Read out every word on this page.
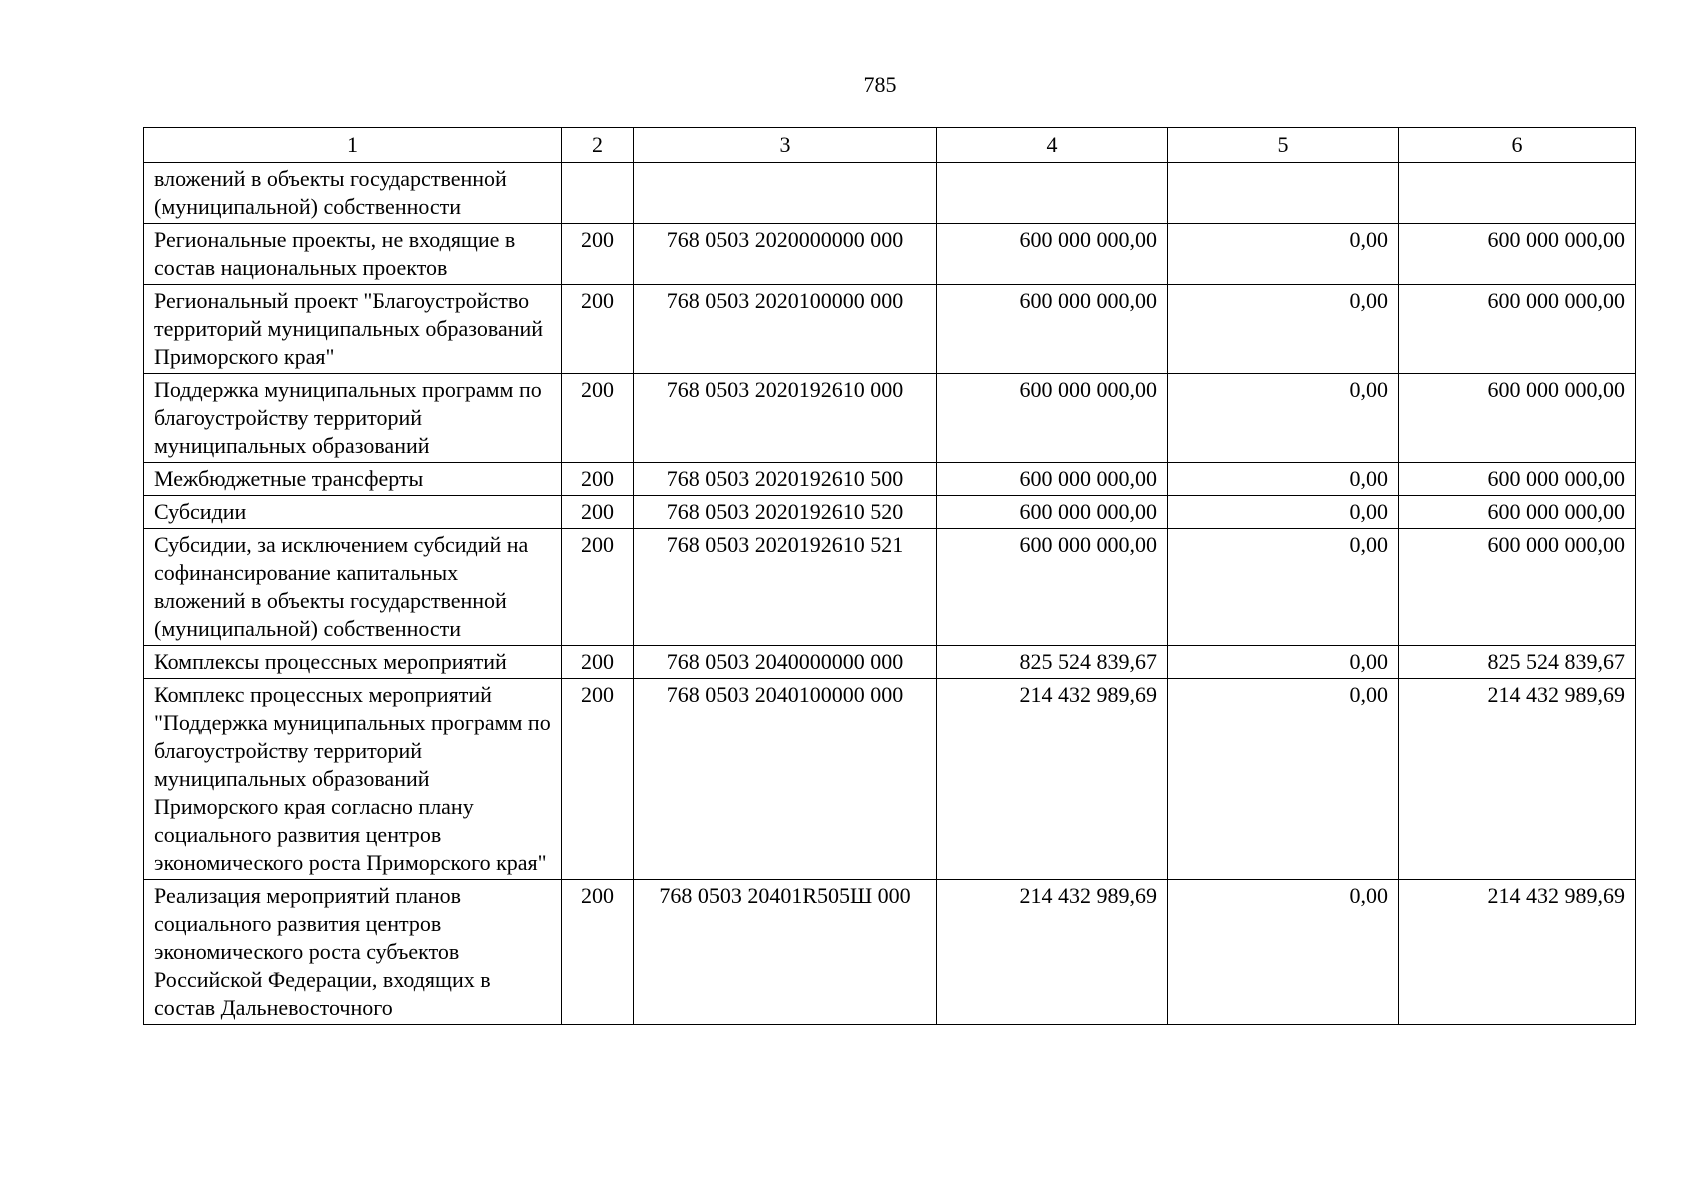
785
1	2	3	4	5	6
вложений в объекты государственной (муниципальной) собственности					
Региональные проекты, не входящие в состав национальных проектов	200	768 0503 2020000000 000	600 000 000,00	0,00	600 000 000,00
Региональный проект "Благоустройство территорий муниципальных образований Приморского края"	200	768 0503 2020100000 000	600 000 000,00	0,00	600 000 000,00
Поддержка муниципальных программ по благоустройству территорий муниципальных образований	200	768 0503 2020192610 000	600 000 000,00	0,00	600 000 000,00
Межбюджетные трансферты	200	768 0503 2020192610 500	600 000 000,00	0,00	600 000 000,00
Субсидии	200	768 0503 2020192610 520	600 000 000,00	0,00	600 000 000,00
Субсидии, за исключением субсидий на софинансирование капитальных вложений в объекты государственной (муниципальной) собственности	200	768 0503 2020192610 521	600 000 000,00	0,00	600 000 000,00
Комплексы процессных мероприятий	200	768 0503 2040000000 000	825 524 839,67	0,00	825 524 839,67
Комплекс процессных мероприятий "Поддержка муниципальных программ по благоустройству территорий муниципальных образований Приморского края согласно плану социального развития центров экономического роста Приморского края"	200	768 0503 2040100000 000	214 432 989,69	0,00	214 432 989,69
Реализация мероприятий планов социального развития центров экономического роста субъектов Российской Федерации, входящих в состав Дальневосточного	200	768 0503 20401R505Ш 000	214 432 989,69	0,00	214 432 989,69
